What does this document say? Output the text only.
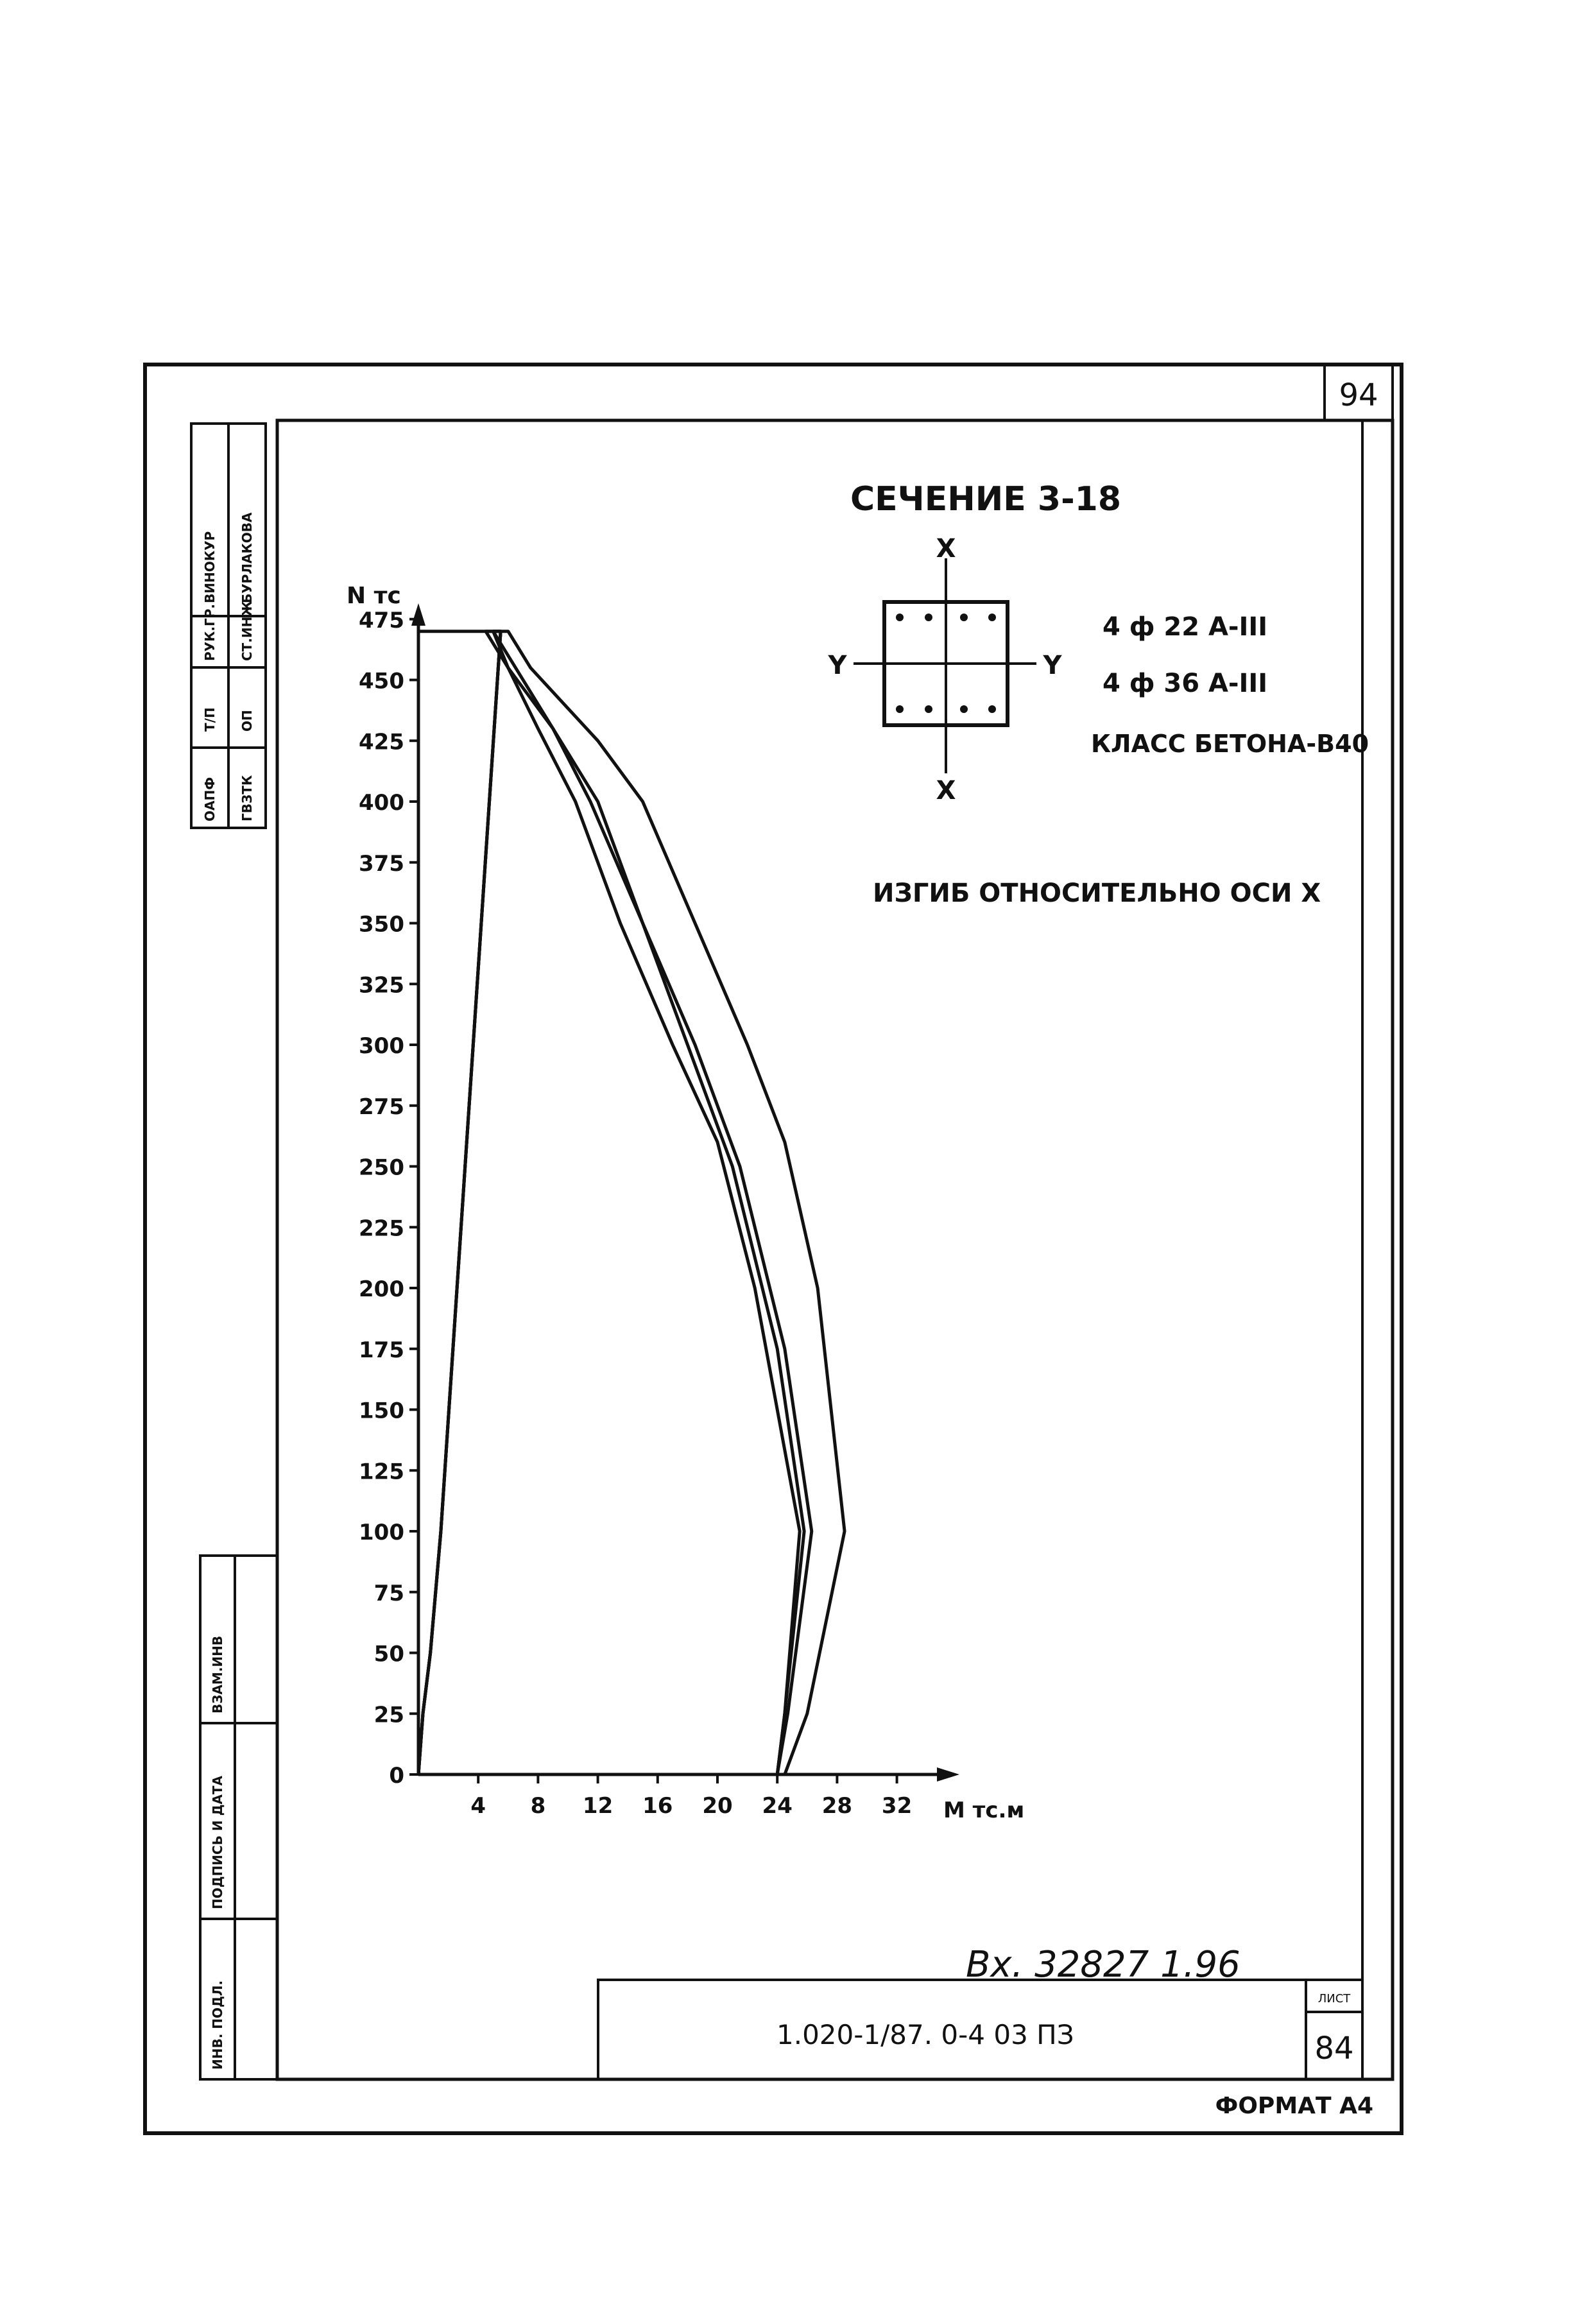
94
ВИНОКУР БУРЛАКОВА
РУК.ГР. СТ.ИНЖ
Т/П ОП
ОАПФ ГВЗТК
ВЗАМ.ИНВ
ПОДПИСЬ И ДАТА
ИНВ. ПОДЛ.
СЕЧЕНИЕ 3-18
X
X
Y	Y
4 ф 22 А-III
4 ф 36 А-III
КЛАСС БЕТОНА-В40
ИЗГИБ ОТНОСИТЕЛЬНО ОСИ X
N тс
M тс.м
0
25
50
75
100
125
150
175
200
225
250
275
300
325
350
375
400
425
450
475
4 8 12 16 20 24 28 32
Вх. 32827 1.96
1.020-1/87. 0-4 03 ПЗ
ЛИСТ
84
ФОРМАТ А4
